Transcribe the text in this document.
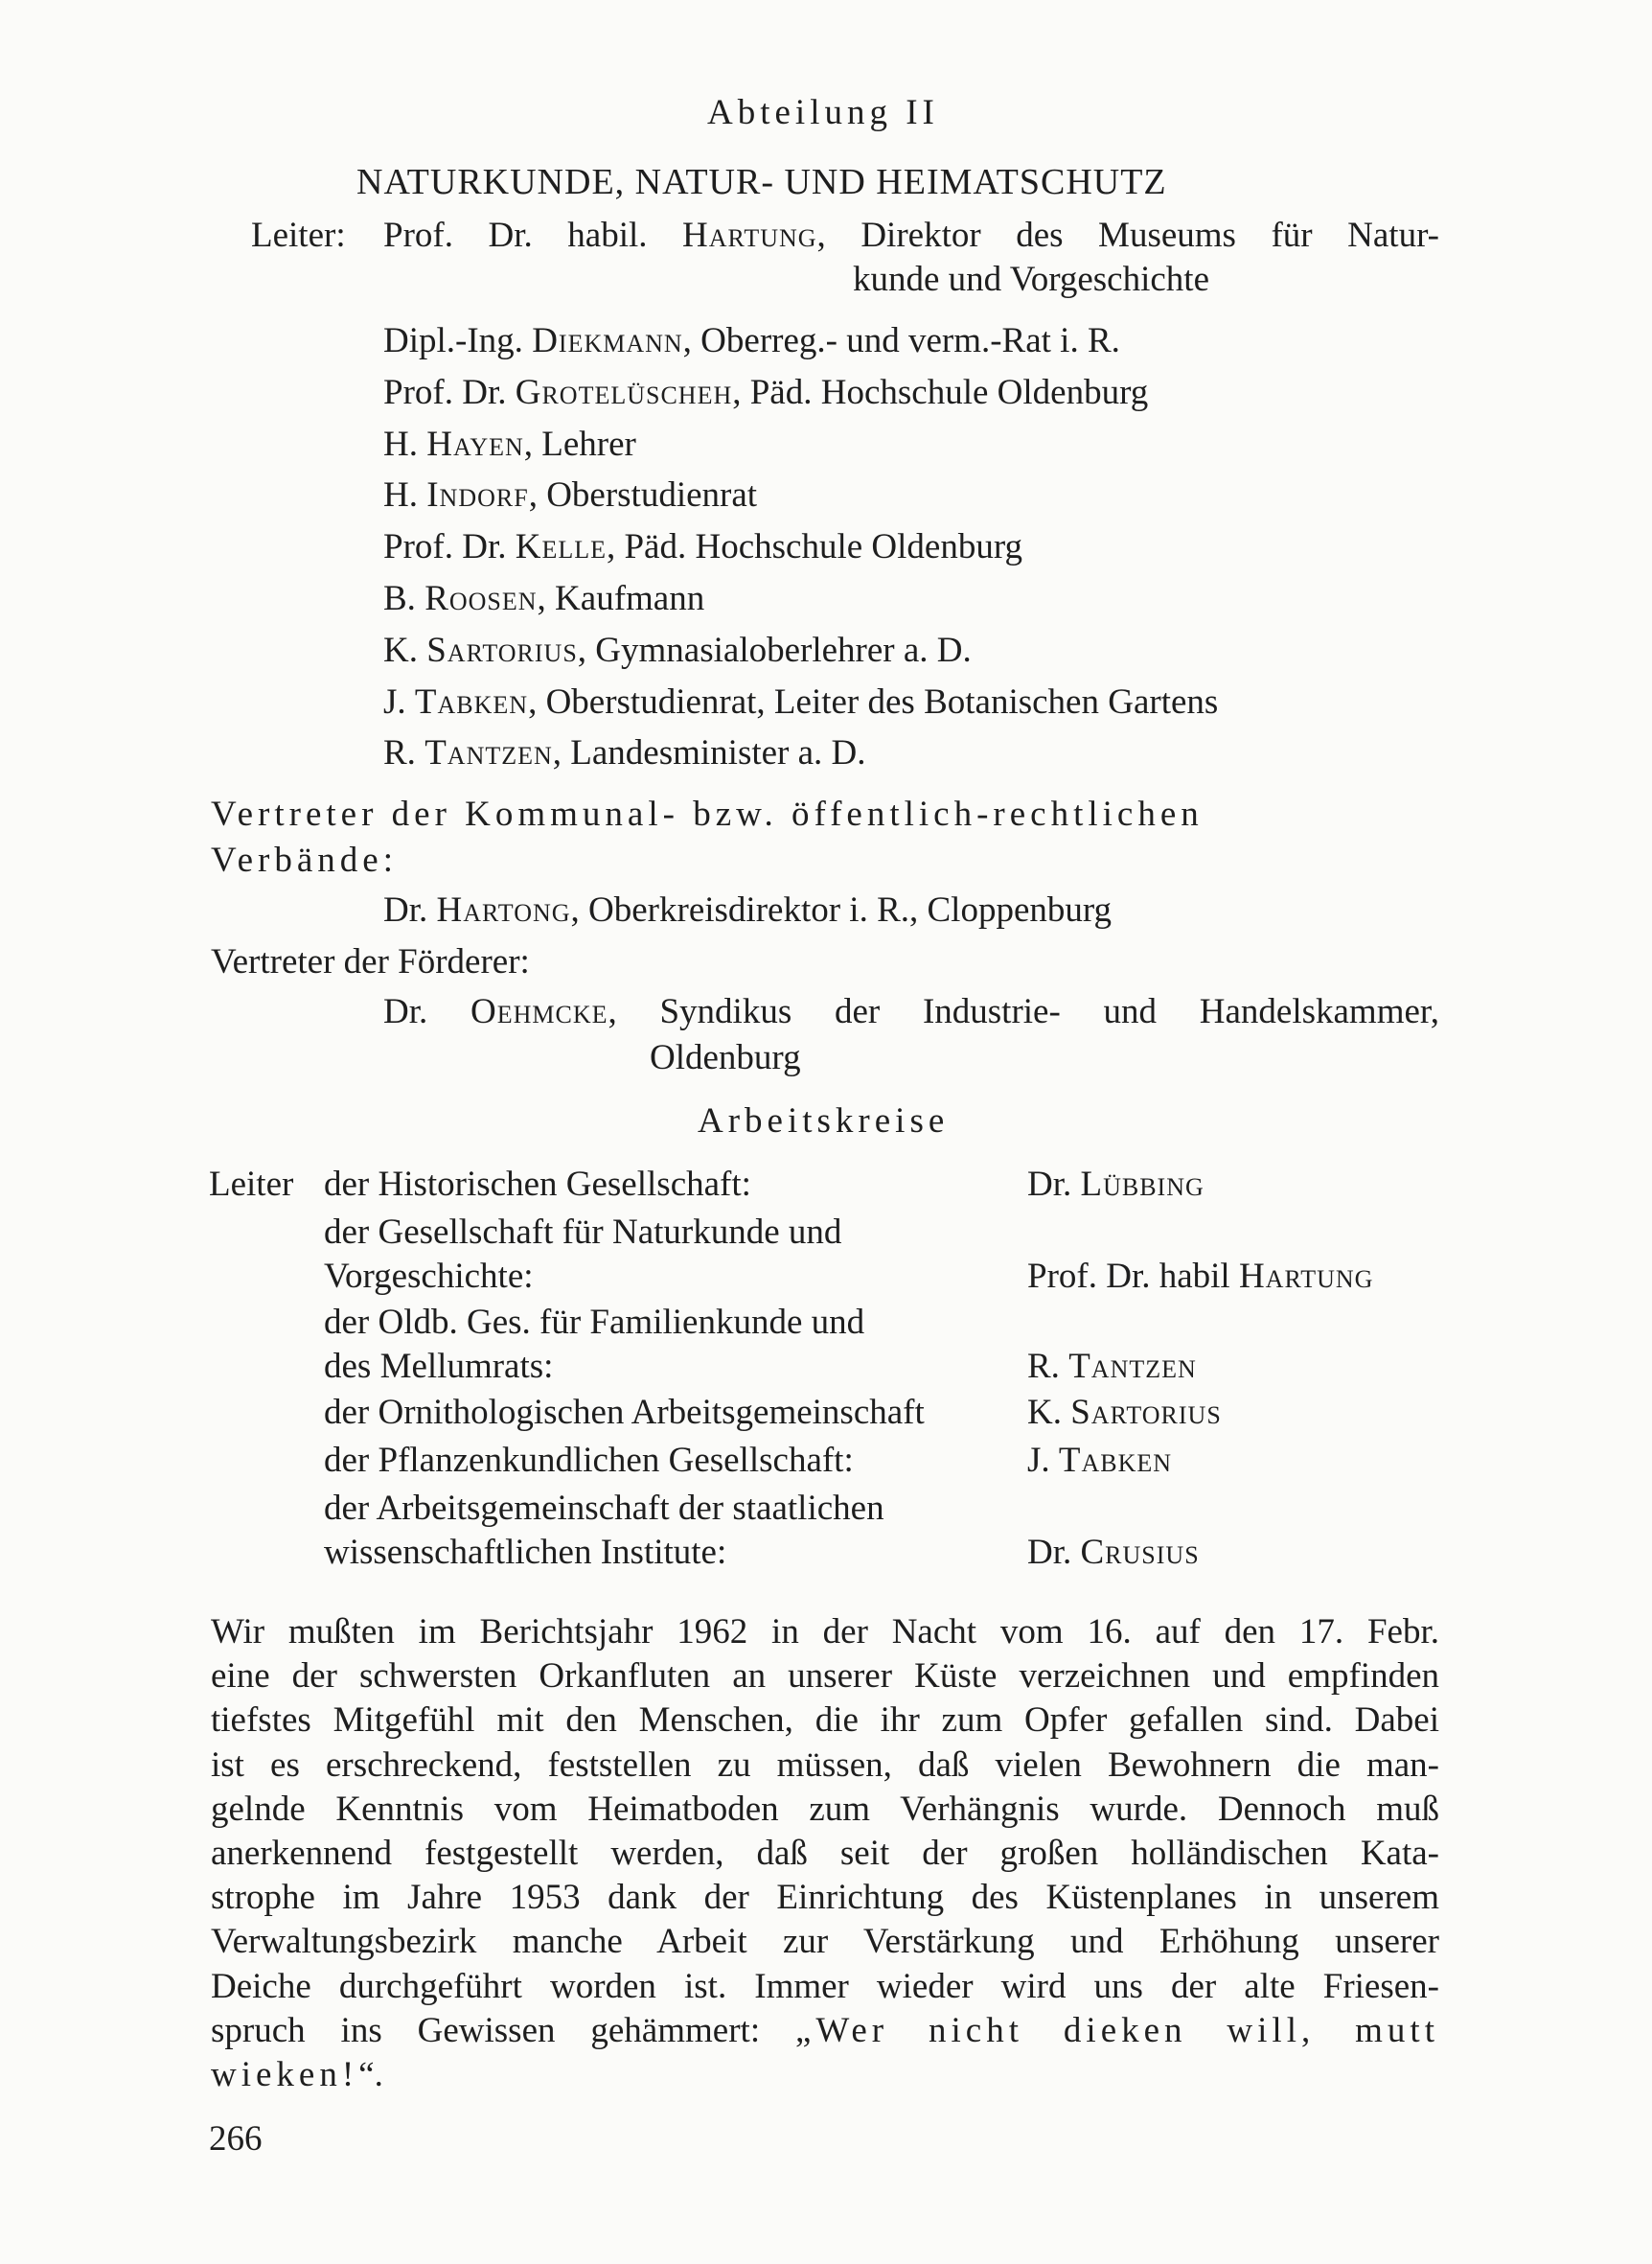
Abteilung II
NATURKUNDE, NATUR- UND HEIMATSCHUTZ
Leiter: Prof. Dr. habil. Hartung, Direktor des Museums für Natur-
kunde und Vorgeschichte
Dipl.-Ing. Diekmann, Oberreg.- und verm.-Rat i. R.
Prof. Dr. Grotelüscheh, Päd. Hochschule Oldenburg
H. Hayen, Lehrer
H. Indorf, Oberstudienrat
Prof. Dr. Kelle, Päd. Hochschule Oldenburg
B. Roosen, Kaufmann
K. Sartorius, Gymnasialoberlehrer a. D.
J. Tabken, Oberstudienrat, Leiter des Botanischen Gartens
R. Tantzen, Landesminister a. D.
Vertreter der Kommunal- bzw. öffentlich-rechtlichen
Verbände:
Dr. Hartong, Oberkreisdirektor i. R., Cloppenburg
Vertreter der Förderer:
Dr. Oehmcke, Syndikus der Industrie- und Handelskammer,
Oldenburg
Arbeitskreise
Leiter der Historischen Gesellschaft:	Dr. Lübbing
der Gesellschaft für Naturkunde und
Vorgeschichte:	Prof. Dr. habil Hartung
der Oldb. Ges. für Familienkunde und
des Mellumrats:	R. Tantzen
der Ornithologischen Arbeitsgemeinschaft	K. Sartorius
der Pflanzenkundlichen Gesellschaft:	J. Tabken
der Arbeitsgemeinschaft der staatlichen
wissenschaftlichen Institute:	Dr. Crusius
Wir mußten im Berichtsjahr 1962 in der Nacht vom 16. auf den 17. Febr.
eine der schwersten Orkanfluten an unserer Küste verzeichnen und empfinden
tiefstes Mitgefühl mit den Menschen, die ihr zum Opfer gefallen sind. Dabei
ist es erschreckend, feststellen zu müssen, daß vielen Bewohnern die man-
gelnde Kenntnis vom Heimatboden zum Verhängnis wurde. Dennoch muß
anerkennend festgestellt werden, daß seit der großen holländischen Kata-
strophe im Jahre 1953 dank der Einrichtung des Küstenplanes in unserem
Verwaltungsbezirk manche Arbeit zur Verstärkung und Erhöhung unserer
Deiche durchgeführt worden ist. Immer wieder wird uns der alte Friesen-
spruch ins Gewissen gehämmert: „Wer nicht dieken will, mutt
wieken!“.
266
